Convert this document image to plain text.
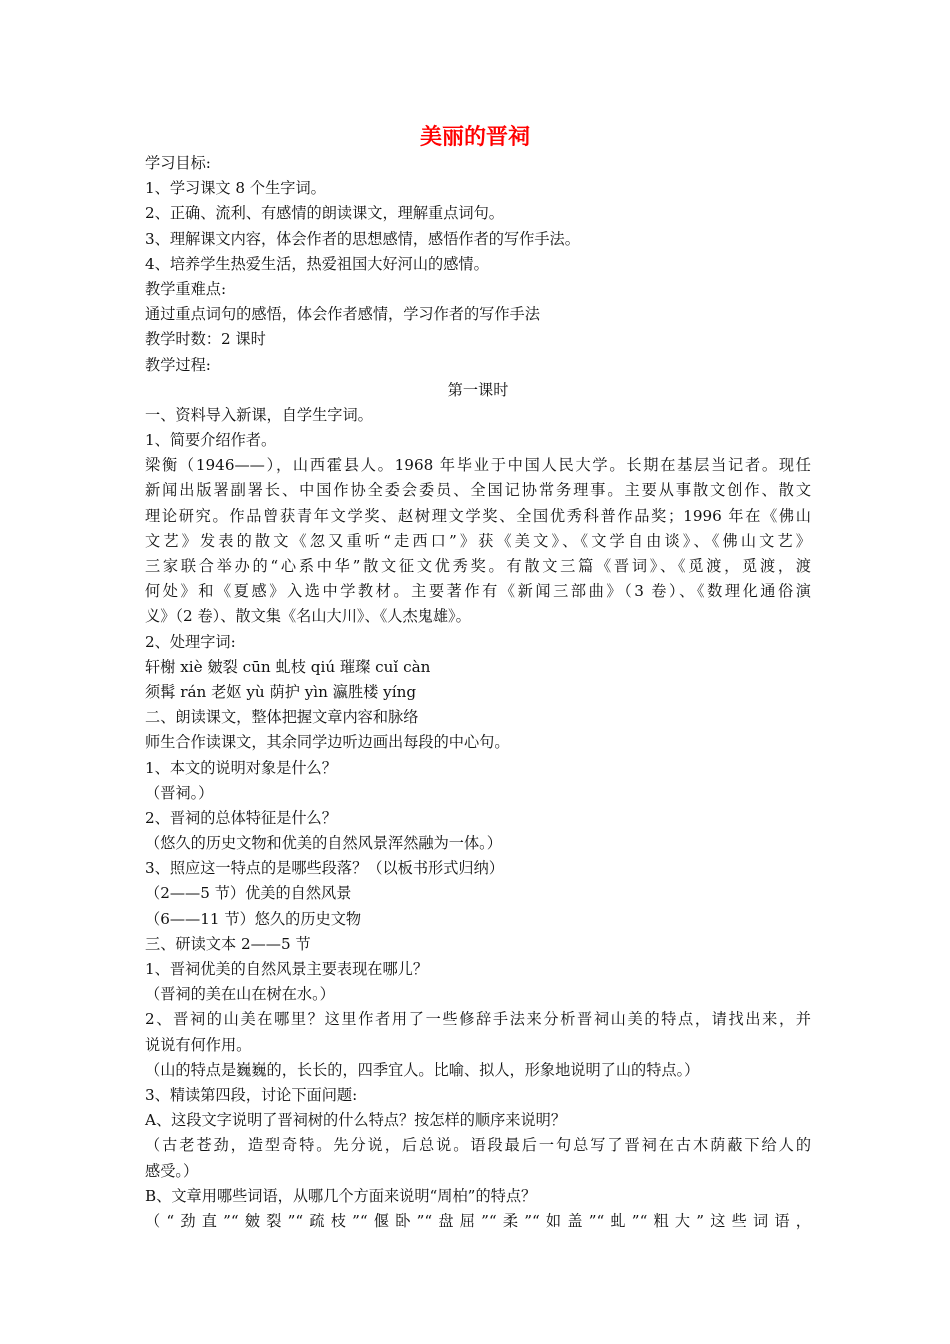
美丽的晋祠
学习目标:
1、学习课文 8 个生字词。
2、正确、流利、有感情的朗读课文，理解重点词句。
3、理解课文内容，体会作者的思想感情，感悟作者的写作手法。
4、培养学生热爱生活，热爱祖国大好河山的感情。
教学重难点:
通过重点词句的感悟，体会作者感情，学习作者的写作手法
教学时数：2 课时
教学过程:
第一课时
一、资料导入新课，自学生字词。
1、简要介绍作者。
梁衡（1946——），山西霍县人。1968 年毕业于中国人民大学。长期在基层当记者。现任
新闻出版署副署长、中国作协全委会委员、全国记协常务理事。主要从事散文创作、散文
理论研究。作品曾获青年文学奖、赵树理文学奖、全国优秀科普作品奖；1996 年在《佛山
文艺》发表的散文《忽又重听“走西口”》获《美文》、《文学自由谈》、《佛山文艺》
三家联合举办的“心系中华”散文征文优秀奖。有散文三篇《晋词》、《觅渡，觅渡，渡
何处》和《夏感》入选中学教材。主要著作有《新闻三部曲》（3 卷）、《数理化通俗演
义》（2 卷）、散文集《名山大川》、《人杰鬼雄》。
2、处理字词:
轩榭 xiè 皴裂 cūn 虬枝 qiú 璀璨 cuǐ càn
须髯 rán 老妪 yù 荫护 yìn 瀛胜楼 yíng
二、朗读课文，整体把握文章内容和脉络
师生合作读课文，其余同学边听边画出每段的中心句。
1、本文的说明对象是什么？
（晋祠。）
2、晋祠的总体特征是什么？
（悠久的历史文物和优美的自然风景浑然融为一体。）
3、照应这一特点的是哪些段落？（以板书形式归纳）
（2——5 节）优美的自然风景
（6——11 节）悠久的历史文物
三、研读文本 2——5 节
1、晋祠优美的自然风景主要表现在哪儿？
（晋祠的美在山在树在水。）
2、晋祠的山美在哪里？这里作者用了一些修辞手法来分析晋祠山美的特点，请找出来，并
说说有何作用。
（山的特点是巍巍的，长长的，四季宜人。比喻、拟人，形象地说明了山的特点。）
3、精读第四段，讨论下面问题:
A、这段文字说明了晋祠树的什么特点？按怎样的顺序来说明？
（古老苍劲，造型奇特。先分说，后总说。语段最后一句总写了晋祠在古木荫蔽下给人的
感受。）
B、文章用哪些词语，从哪几个方面来说明“周柏”的特点？
（“劲直”“皴裂”“疏枝”“偃卧”“盘屈”“柔”“如盖”“虬”“粗大”这些词语，
